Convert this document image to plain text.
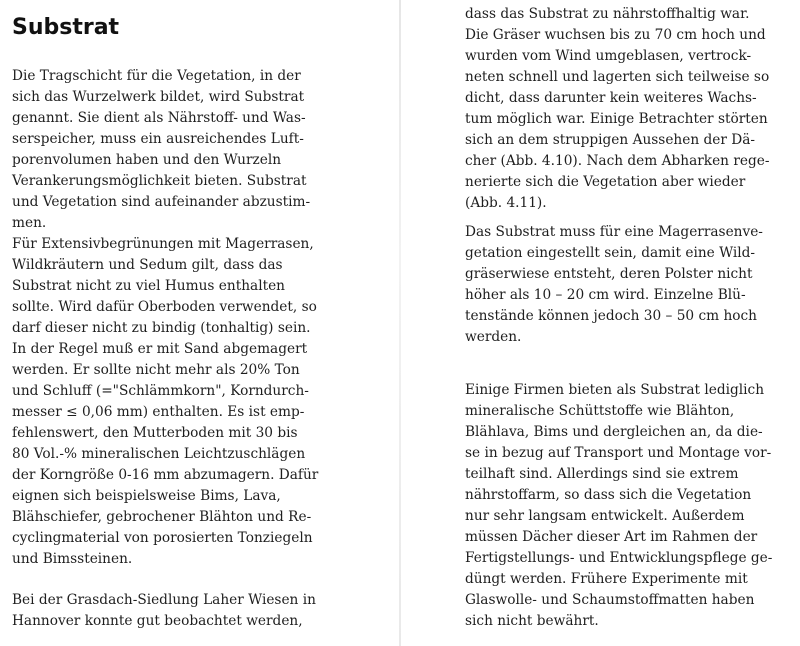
Substrat

Die Tragschicht für die Vegetation, in der
sich das Wurzelwerk bildet, wird Substrat
genannt. Sie dient als Nährstoff- und Was-
serspeicher, muss ein ausreichendes Luft-
porenvolumen haben und den Wurzeln
Verankerungsmöglichkeit bieten. Substrat
und Vegetation sind aufeinander abzustim-
men.

Für Extensivbegrünungen mit Magerrasen,
Wildkräutern und Sedum gilt, dass das
Substrat nicht zu viel Humus enthalten
sollte. Wird dafür Oberboden verwendet, so
darf dieser nicht zu bindig (tonhaltig) sein.
In der Regel muß er mit Sand abgemagert
werden. Er sollte nicht mehr als 20% Ton
und Schluff (="Schlämmkorn", Korndurch-
messer ≤ 0,06 mm) enthalten. Es ist emp-
fehlenswert, den Mutterboden mit 30 bis
80 Vol.-% mineralischen Leichtzuschlägen
der Korngröße 0-16 mm abzumagern. Dafür
eignen sich beispielsweise Bims, Lava,
Blähschiefer, gebrochener Blähton und Re-
cyclingmaterial von porosierten Tonziegeln
und Bimssteinen.

Bei der Grasdach-Siedlung Laher Wiesen in
Hannover konnte gut beobachtet werden,

dass das Substrat zu nährstoffhaltig war.
Die Gräser wuchsen bis zu 70 cm hoch und
wurden vom Wind umgeblasen, vertrock-
neten schnell und lagerten sich teilweise so
dicht, dass darunter kein weiteres Wachs-
tum möglich war. Einige Betrachter störten
sich an dem struppigen Aussehen der Dä-
cher (Abb. 4.10). Nach dem Abharken rege-
nerierte sich die Vegetation aber wieder
(Abb. 4.11).

Das Substrat muss für eine Magerrasenve-
getation eingestellt sein, damit eine Wild-
gräserwiese entsteht, deren Polster nicht
höher als 10 – 20 cm wird. Einzelne Blü-
tenstände können jedoch 30 – 50 cm hoch
werden.

Einige Firmen bieten als Substrat lediglich
mineralische Schüttstoffe wie Blähton,
Blählava, Bims und dergleichen an, da die-
se in bezug auf Transport und Montage vor-
teilhaft sind. Allerdings sind sie extrem
nährstoffarm, so dass sich die Vegetation
nur sehr langsam entwickelt. Außerdem
müssen Dächer dieser Art im Rahmen der
Fertigstellungs- und Entwicklungspflege ge-
düngt werden. Frühere Experimente mit
Glaswolle- und Schaumstoffmatten haben
sich nicht bewährt.
